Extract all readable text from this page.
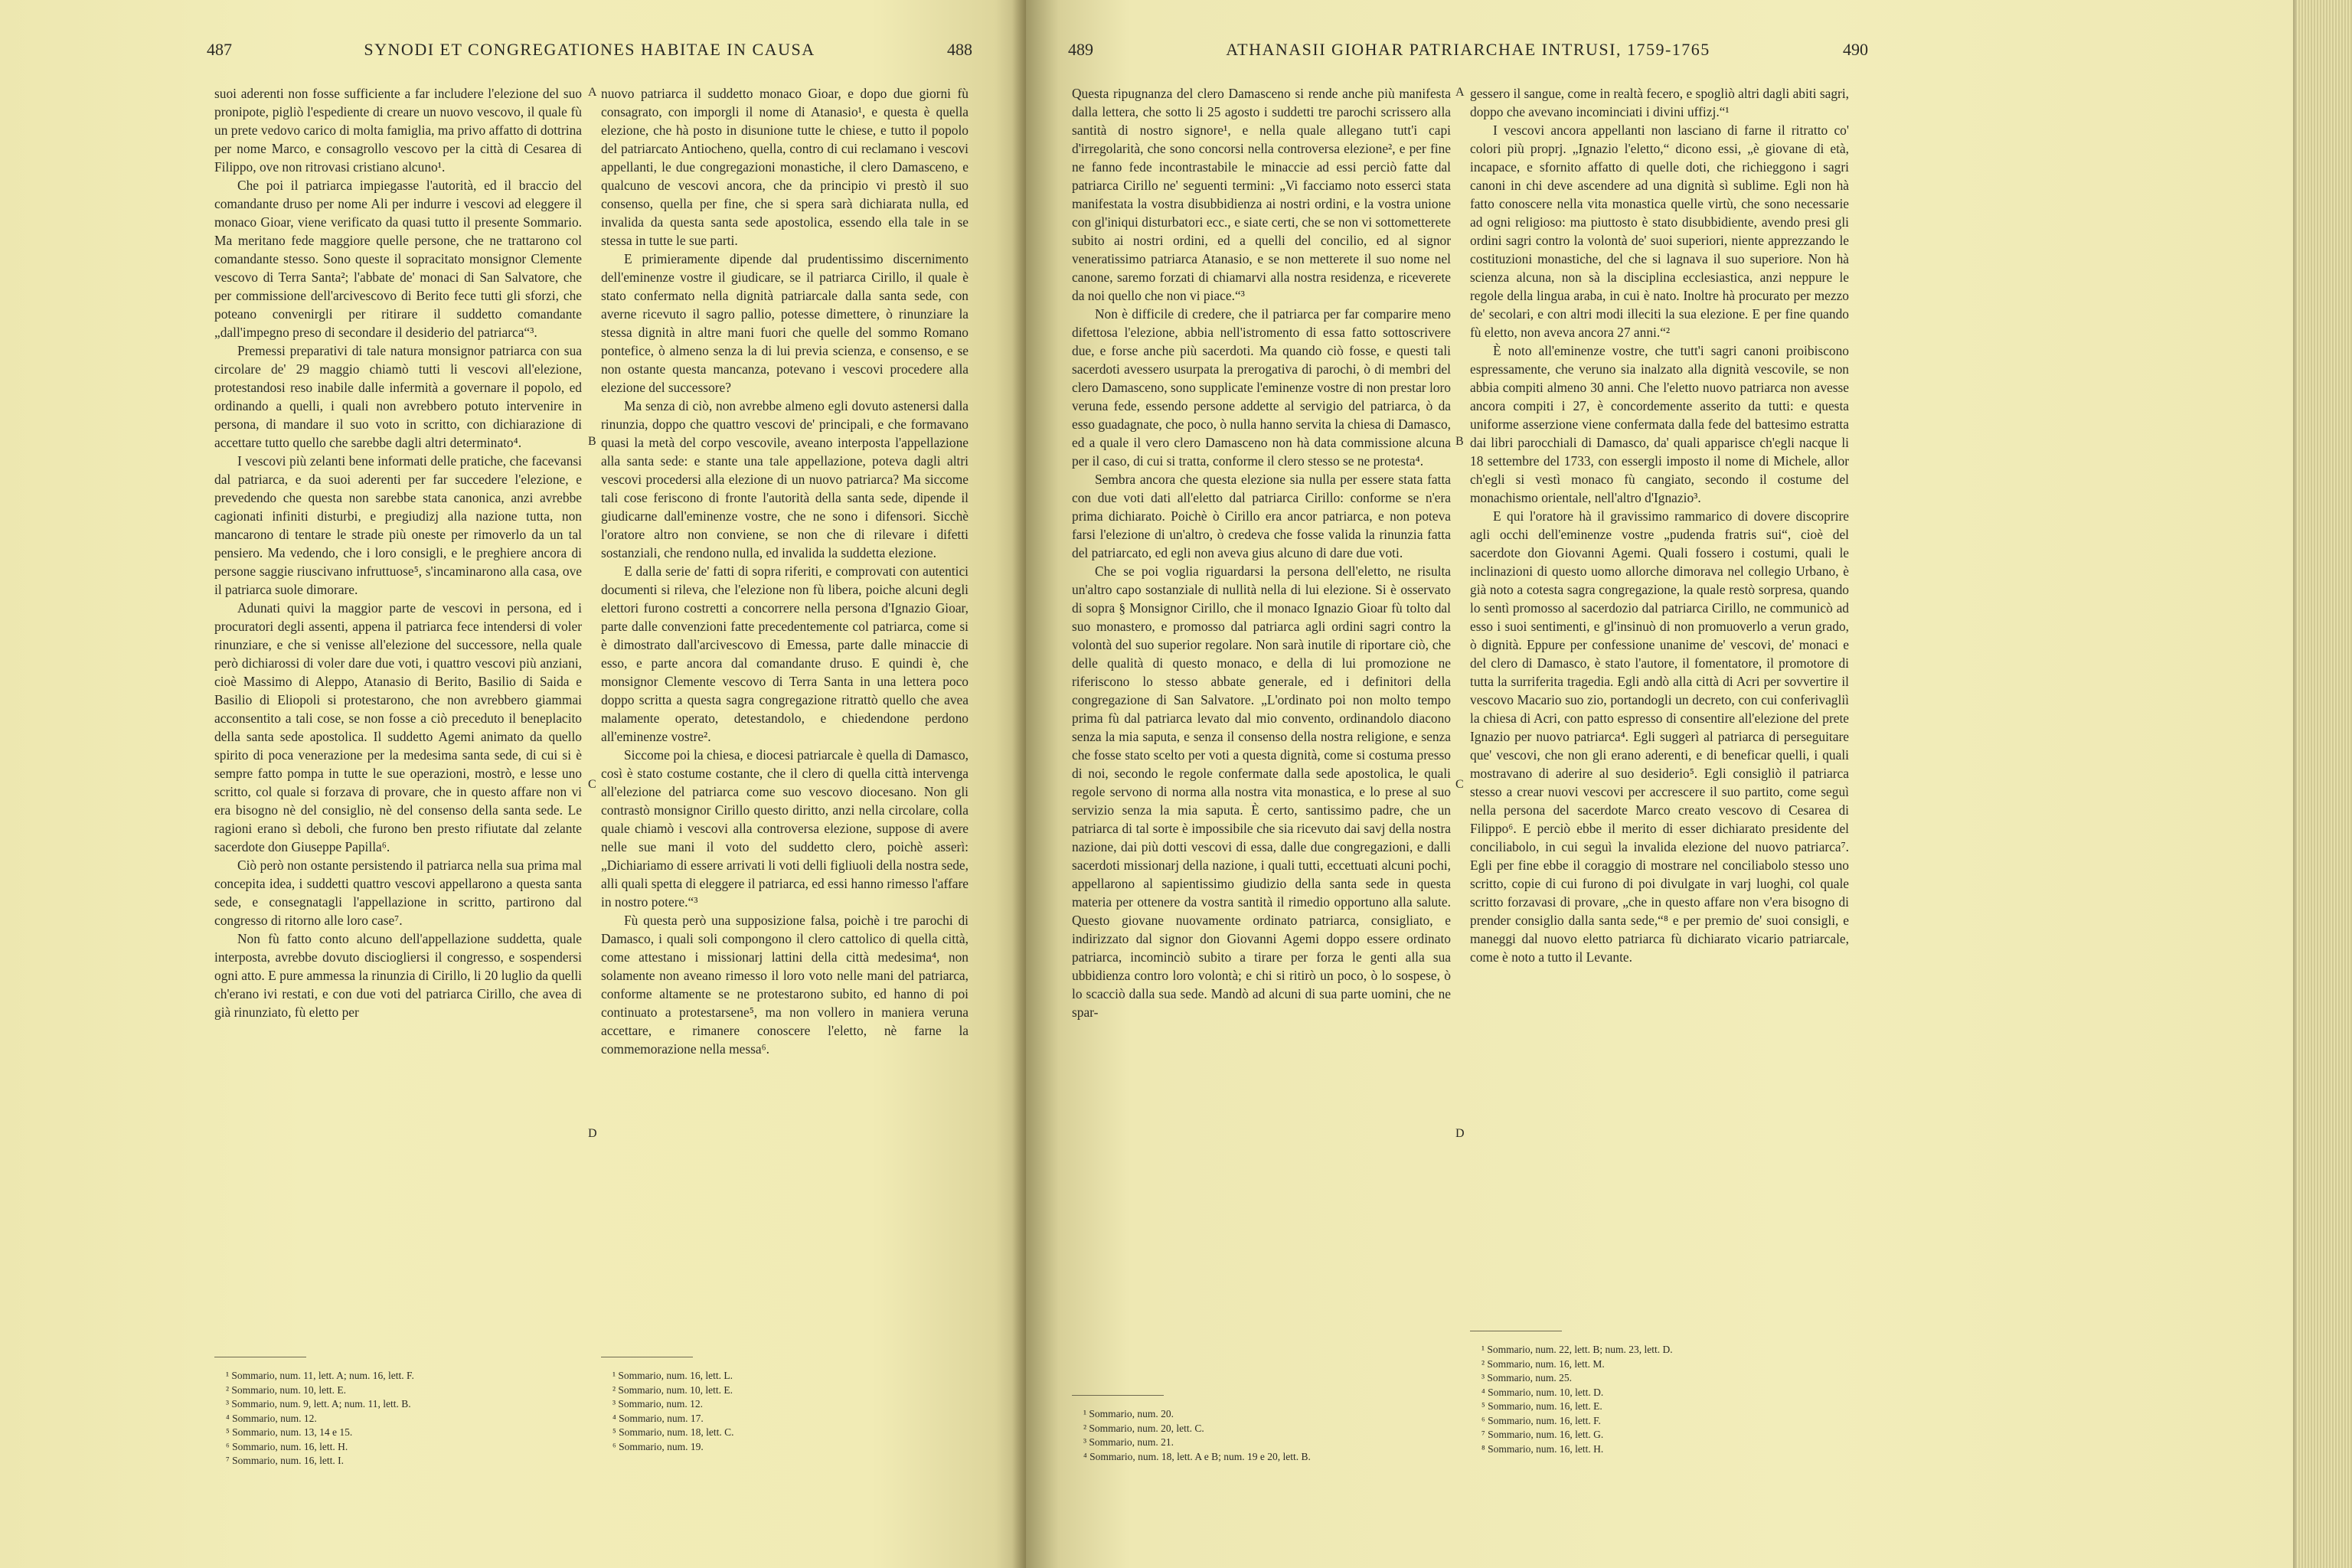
487	SYNODI ET CONGREGATIONES HABITAE IN CAUSA	488

suoi aderenti non fosse sufficiente a far includere l'elezione del suo pronipote, pigliò l'espediente di creare un nuovo vescovo, il quale fù un prete vedovo carico di molta famiglia, ma privo affatto di dottrina per nome Marco, e consagrollo vescovo per la città di Cesarea di Filippo, ove non ritrovasi cristiano alcuno¹.

Che poi il patriarca impiegasse l'autorità, ed il braccio del comandante druso per nome Ali per indurre i vescovi ad eleggere il monaco Gioar, viene verificato da quasi tutto il presente Sommario. Ma meritano fede maggiore quelle persone, che ne trattarono col comandante stesso. Sono queste il sopracitato monsignor Clemente vescovo di Terra Santa²; l'abbate de' monaci di San Salvatore, che per commissione dell'arcivescovo di Berito fece tutti gli sforzi, che poteano convenirgli per ritirare il suddetto comandante „dall'impegno preso di secondare il desiderio del patriarca“³.

Premessi preparativi di tale natura monsignor patriarca con sua circolare de' 29 maggio chiamò tutti li vescovi all'elezione, protestandosi reso inabile dalle infermità a governare il popolo, ed ordinando a quelli, i quali non avrebbero potuto intervenire in persona, di mandare il suo voto in scritto, con dichiarazione di accettare tutto quello che sarebbe dagli altri determinato⁴.

I vescovi più zelanti bene informati delle pratiche, che facevansi dal patriarca, e da suoi aderenti per far succedere l'elezione, e prevedendo che questa non sarebbe stata canonica, anzi avrebbe cagionati infiniti disturbi, e pregiudizj alla nazione tutta, non mancarono di tentare le strade più oneste per rimoverlo da un tal pensiero. Ma vedendo, che i loro consigli, e le preghiere ancora di persone saggie riuscivano infruttuose⁵, s'incaminarono alla casa, ove il patriarca suole dimorare.

Adunati quivi la maggior parte de vescovi in persona, ed i procuratori degli assenti, appena il patriarca fece intendersi di voler rinunziare, e che si venisse all'elezione del successore, nella quale però dichiarossi di voler dare due voti, i quattro vescovi più anziani, cioè Massimo di Aleppo, Atanasio di Berito, Basilio di Saida e Basilio di Eliopoli si protestarono, che non avrebbero giammai acconsentito a tali cose, se non fosse a ciò preceduto il beneplacito della santa sede apostolica. Il suddetto Agemi animato da quello spirito di poca venerazione per la medesima santa sede, di cui si è sempre fatto pompa in tutte le sue operazioni, mostrò, e lesse uno scritto, col quale si forzava di provare, che in questo affare non vi era bisogno nè del consiglio, nè del consenso della santa sede. Le ragioni erano sì deboli, che furono ben presto rifiutate dal zelante sacerdote don Giuseppe Papilla⁶.

Ciò però non ostante persistendo il patriarca nella sua prima mal concepita idea, i suddetti quattro vescovi appellarono a questa santa sede, e consegnatagli l'appellazione in scritto, partirono dal congresso di ritorno alle loro case⁷.

Non fù fatto conto alcuno dell'appellazione suddetta, quale interposta, avrebbe dovuto disciogliersi il congresso, e sospendersi ogni atto. E pure ammessa la rinunzia di Cirillo, li 20 luglio da quelli ch'erano ivi restati, e con due voti del patriarca Cirillo, che avea di già rinunziato, fù eletto per

nuovo patriarca il suddetto monaco Gioar, e dopo due giorni fù consagrato, con imporgli il nome di Atanasio¹, e questa è quella elezione, che hà posto in disunione tutte le chiese, e tutto il popolo del patriarcato Antiocheno, quella, contro di cui reclamano i vescovi appellanti, le due congregazioni monastiche, il clero Damasceno, e qualcuno de vescovi ancora, che da principio vi prestò il suo consenso, quella per fine, che si spera sarà dichiarata nulla, ed invalida da questa santa sede apostolica, essendo ella tale in se stessa in tutte le sue parti.

E primieramente dipende dal prudentissimo discernimento dell'eminenze vostre il giudicare, se il patriarca Cirillo, il quale è stato confermato nella dignità patriarcale dalla santa sede, con averne ricevuto il sagro pallio, potesse dimettere, ò rinunziare la stessa dignità in altre mani fuori che quelle del sommo Romano pontefice, ò almeno senza la di lui previa scienza, e consenso, e se non ostante questa mancanza, potevano i vescovi procedere alla elezione del successore?

Ma senza di ciò, non avrebbe almeno egli dovuto astenersi dalla rinunzia, doppo che quattro vescovi de' principali, e che formavano quasi la metà del corpo vescovile, aveano interposta l'appellazione alla santa sede: e stante una tale appellazione, poteva dagli altri vescovi procedersi alla elezione di un nuovo patriarca? Ma siccome tali cose feriscono di fronte l'autorità della santa sede, dipende il giudicarne dall'eminenze vostre, che ne sono i difensori. Sicchè l'oratore altro non conviene, se non che di rilevare i difetti sostanziali, che rendono nulla, ed invalida la suddetta elezione.

E dalla serie de' fatti di sopra riferiti, e comprovati con autentici documenti si rileva, che l'elezione non fù libera, poiche alcuni degli elettori furono costretti a concorrere nella persona d'Ignazio Gioar, parte dalle convenzioni fatte precedentemente col patriarca, come si è dimostrato dall'arcivescovo di Emessa, parte dalle minaccie di esso, e parte ancora dal comandante druso. E quindi è, che monsignor Clemente vescovo di Terra Santa in una lettera poco doppo scritta a questa sagra congregazione ritrattò quello che avea malamente operato, detestandolo, e chiedendone perdono all'eminenze vostre².

Siccome poi la chiesa, e diocesi patriarcale è quella di Damasco, così è stato costume costante, che il clero di quella città intervenga all'elezione del patriarca come suo vescovo diocesano. Non gli contrastò monsignor Cirillo questo diritto, anzi nella circolare, colla quale chiamò i vescovi alla controversa elezione, suppose di avere nelle sue mani il voto del suddetto clero, poichè asserì: „Dichiariamo di essere arrivati li voti delli figliuoli della nostra sede, alli quali spetta di eleggere il patriarca, ed essi hanno rimesso l'affare in nostro potere.“³

Fù questa però una supposizione falsa, poichè i tre parochi di Damasco, i quali soli compongono il clero cattolico di quella città, come attestano i missionarj lattini della città medesima⁴, non solamente non aveano rimesso il loro voto nelle mani del patriarca, conforme altamente se ne protestarono subito, ed hanno di poi continuato a protestarsene⁵, ma non vollero in maniera veruna accettare, e rimanere conoscere l'eletto, nè farne la commemorazione nella messa⁶.

A
B
C
D
¹ Sommario, num. 11, lett. A; num. 16, lett. F.
² Sommario, num. 10, lett. E.
³ Sommario, num. 9, lett. A; num. 11, lett. B.
⁴ Sommario, num. 12.
⁵ Sommario, num. 13, 14 e 15.
⁶ Sommario, num. 16, lett. H.
⁷ Sommario, num. 16, lett. I.
¹ Sommario, num. 16, lett. L.
² Sommario, num. 10, lett. E.
³ Sommario, num. 12.
⁴ Sommario, num. 17.
⁵ Sommario, num. 18, lett. C.
⁶ Sommario, num. 19.
489	ATHANASII GIOHAR PATRIARCHAE INTRUSI, 1759-1765	490

Questa ripugnanza del clero Damasceno si rende anche più manifesta dalla lettera, che sotto li 25 agosto i suddetti tre parochi scrissero alla santità di nostro signore¹, e nella quale allegano tutt'i capi d'irregolarità, che sono concorsi nella controversa elezione², e per fine ne fanno fede incontrastabile le minaccie ad essi perciò fatte dal patriarca Cirillo ne' seguenti termini: „Vi facciamo noto esserci stata manifestata la vostra disubbidienza ai nostri ordini, e la vostra unione con gl'iniqui disturbatori ecc., e siate certi, che se non vi sottometterete subito ai nostri ordini, ed a quelli del concilio, ed al signor veneratissimo patriarca Atanasio, e se non metterete il suo nome nel canone, saremo forzati di chiamarvi alla nostra residenza, e riceverete da noi quello che non vi piace.“³

Non è difficile di credere, che il patriarca per far comparire meno difettosa l'elezione, abbia nell'istromento di essa fatto sottoscrivere due, e forse anche più sacerdoti. Ma quando ciò fosse, e questi tali sacerdoti avessero usurpata la prerogativa di parochi, ò di membri del clero Damasceno, sono supplicate l'eminenze vostre di non prestar loro veruna fede, essendo persone addette al servigio del patriarca, ò da esso guadagnate, che poco, ò nulla hanno servita la chiesa di Damasco, ed a quale il vero clero Damasceno non hà data commissione alcuna per il caso, di cui si tratta, conforme il clero stesso se ne protesta⁴.

Sembra ancora che questa elezione sia nulla per essere stata fatta con due voti dati all'eletto dal patriarca Cirillo: conforme se n'era prima dichiarato. Poichè ò Cirillo era ancor patriarca, e non poteva farsi l'elezione di un'altro, ò credeva che fosse valida la rinunzia fatta del patriarcato, ed egli non aveva gius alcuno di dare due voti.

Che se poi voglia riguardarsi la persona dell'eletto, ne risulta un'altro capo sostanziale di nullità nella di lui elezione. Si è osservato di sopra § Monsignor Cirillo, che il monaco Ignazio Gioar fù tolto dal suo monastero, e promosso dal patriarca agli ordini sagri contro la volontà del suo superior regolare. Non sarà inutile di riportare ciò, che delle qualità di questo monaco, e della di lui promozione ne riferiscono lo stesso abbate generale, ed i definitori della congregazione di San Salvatore. „L'ordinato poi non molto tempo prima fù dal patriarca levato dal mio convento, ordinandolo diacono senza la mia saputa, e senza il consenso della nostra religione, e senza che fosse stato scelto per voti a questa dignità, come si costuma presso di noi, secondo le regole confermate dalla sede apostolica, le quali regole servono di norma alla nostra vita monastica, e lo prese al suo servizio senza la mia saputa. È certo, santissimo padre, che un patriarca di tal sorte è impossibile che sia ricevuto dai savj della nostra nazione, dai più dotti vescovi di essa, dalle due congregazioni, e dalli sacerdoti missionarj della nazione, i quali tutti, eccettuati alcuni pochi, appellarono al sapientissimo giudizio della santa sede in questa materia per ottenere da vostra santità il rimedio opportuno alla salute. Questo giovane nuovamente ordinato patriarca, consigliato, e indirizzato dal signor don Giovanni Agemi doppo essere ordinato patriarca, incominciò subito a tirare per forza le genti alla sua ubbidienza contro loro volontà; e chi si ritirò un poco, ò lo sospese, ò lo scacciò dalla sua sede. Mandò ad alcuni di sua parte uomini, che ne spar-

gessero il sangue, come in realtà fecero, e spogliò altri dagli abiti sagri, doppo che avevano incominciati i divini uffizj.“¹

I vescovi ancora appellanti non lasciano di farne il ritratto co' colori più proprj. „Ignazio l'eletto,“ dicono essi, „è giovane di età, incapace, e sfornito affatto di quelle doti, che richieggono i sagri canoni in chi deve ascendere ad una dignità sì sublime. Egli non hà fatto conoscere nella vita monastica quelle virtù, che sono necessarie ad ogni religioso: ma piuttosto è stato disubbidiente, avendo presi gli ordini sagri contro la volontà de' suoi superiori, niente apprezzando le costituzioni monastiche, del che si lagnava il suo superiore. Non hà scienza alcuna, non sà la disciplina ecclesiastica, anzi neppure le regole della lingua araba, in cui è nato. Inoltre hà procurato per mezzo de' secolari, e con altri modi illeciti la sua elezione. E per fine quando fù eletto, non aveva ancora 27 anni.“²

È noto all'eminenze vostre, che tutt'i sagri canoni proibiscono espressamente, che veruno sia inalzato alla dignità vescovile, se non abbia compiti almeno 30 anni. Che l'eletto nuovo patriarca non avesse ancora compiti i 27, è concordemente asserito da tutti: e questa uniforme asserzione viene confermata dalla fede del battesimo estratta dai libri parocchiali di Damasco, da' quali apparisce ch'egli nacque li 18 settembre del 1733, con essergli imposto il nome di Michele, allor ch'egli si vestì monaco fù cangiato, secondo il costume del monachismo orientale, nell'altro d'Ignazio³.

E qui l'oratore hà il gravissimo rammarico di dovere discoprire agli occhi dell'eminenze vostre „pudenda fratris sui“, cioè del sacerdote don Giovanni Agemi. Quali fossero i costumi, quali le inclinazioni di questo uomo allorche dimorava nel collegio Urbano, è già noto a cotesta sagra congregazione, la quale restò sorpresa, quando lo sentì promosso al sacerdozio dal patriarca Cirillo, ne communicò ad esso i suoi sentimenti, e gl'insinuò di non promuoverlo a verun grado, ò dignità. Eppure per confessione unanime de' vescovi, de' monaci e del clero di Damasco, è stato l'autore, il fomentatore, il promotore di tutta la surriferita tragedia. Egli andò alla città di Acri per sovvertire il vescovo Macario suo zio, portandogli un decreto, con cui conferivagliì la chiesa di Acri, con patto espresso di consentire all'elezione del prete Ignazio per nuovo patriarca⁴. Egli suggerì al patriarca di perseguitare que' vescovi, che non gli erano aderenti, e di beneficar quelli, i quali mostravano di aderire al suo desiderio⁵. Egli consigliò il patriarca stesso a crear nuovi vescovi per accrescere il suo partito, come seguì nella persona del sacerdote Marco creato vescovo di Cesarea di Filippo⁶. E perciò ebbe il merito di esser dichiarato presidente del conciliabolo, in cui seguì la invalida elezione del nuovo patriarca⁷. Egli per fine ebbe il coraggio di mostrare nel conciliabolo stesso uno scritto, copie di cui furono di poi divulgate in varj luoghi, col quale scritto forzavasi di provare, „che in questo affare non v'era bisogno di prender consiglio dalla santa sede,“⁸ e per premio de' suoi consigli, e maneggi dal nuovo eletto patriarca fù dichiarato vicario patriarcale, come è noto a tutto il Levante.

A
B
C
D
¹ Sommario, num. 20.
² Sommario, num. 20, lett. C.
³ Sommario, num. 21.
⁴ Sommario, num. 18, lett. A e B; num. 19 e 20, lett. B.
¹ Sommario, num. 22, lett. B; num. 23, lett. D.
² Sommario, num. 16, lett. M.
³ Sommario, num. 25.
⁴ Sommario, num. 10, lett. D.
⁵ Sommario, num. 16, lett. E.
⁶ Sommario, num. 16, lett. F.
⁷ Sommario, num. 16, lett. G.
⁸ Sommario, num. 16, lett. H.
